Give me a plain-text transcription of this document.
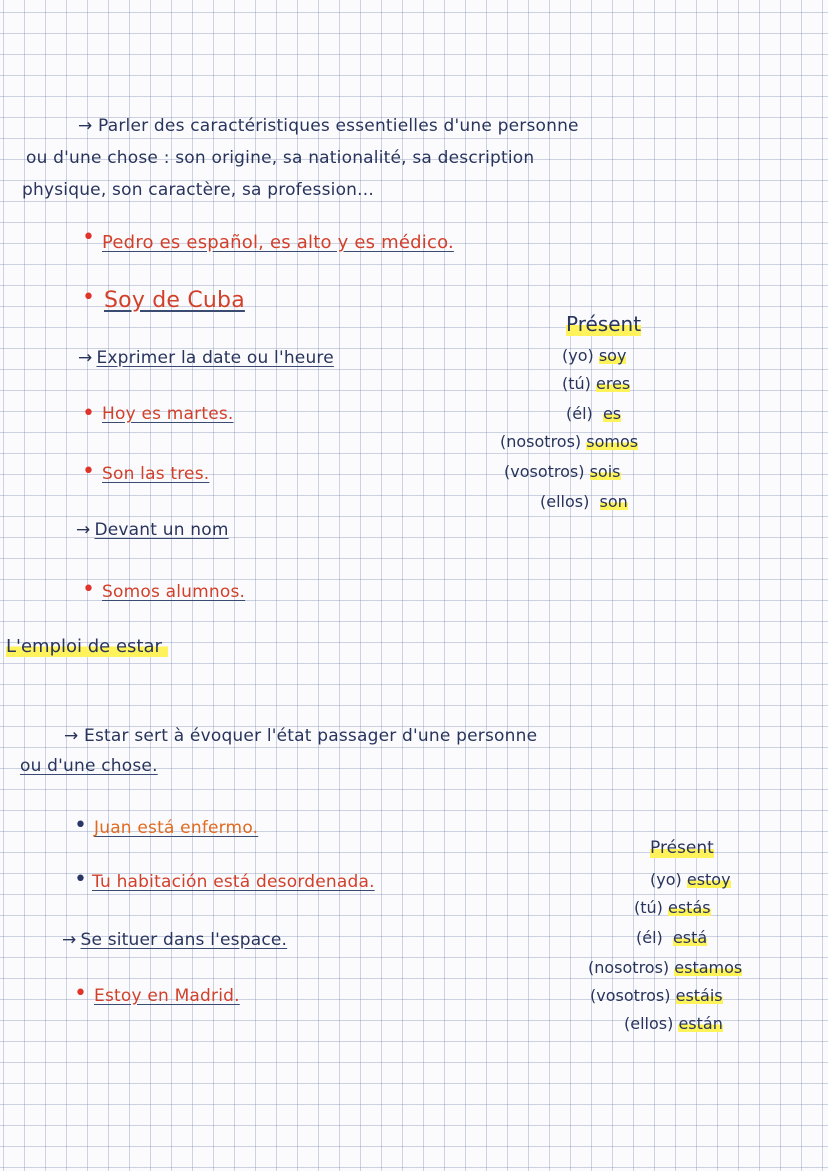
→ Parler des caractéristiques essentielles d'une personne
ou d'une chose : son origine, sa nationalité, sa description
physique, son caractère, sa profession...
• Pedro es español, es alto y es médico.
• Soy de Cuba
→ Exprimer la date ou l'heure
• Hoy es martes.
• Son las tres.
→ Devant un nom
• Somos alumnos.
Présent
(yo) soy
(tú) eres
(él) es
(nosotros) somos
(vosotros) sois
(ellos) son
L'emploi de estar
→ Estar sert à évoquer l'état passager d'une personne
ou d'une chose.
• Juan está enfermo.
• Tu habitación está desordenada.
→ Se situer dans l'espace.
• Estoy en Madrid.
Présent
(yo) estoy
(tú) estás
(él) está
(nosotros) estamos
(vosotros) estáis
(ellos) están
